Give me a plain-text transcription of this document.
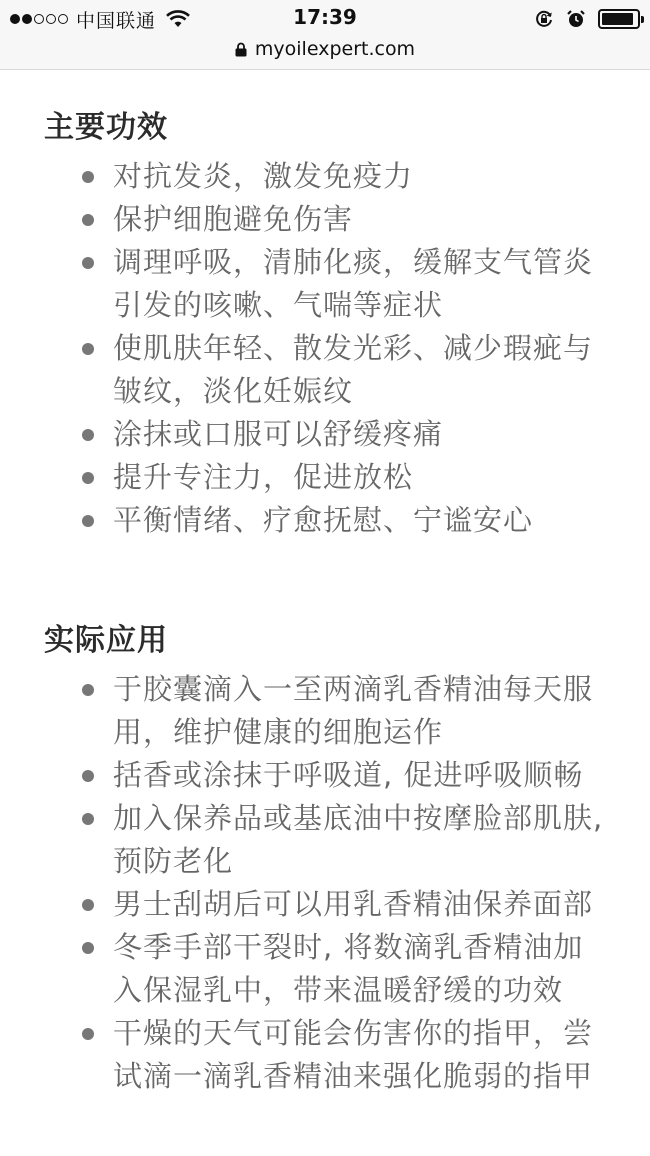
中国联通	17:39
myoilexpert.com
主要功效
对抗发炎，激发免疫力
保护细胞避免伤害
调理呼吸，清肺化痰，缓解支气管炎引发的咳嗽、气喘等症状
使肌肤年轻、散发光彩、减少瑕疵与皱纹，淡化妊娠纹
涂抹或口服可以舒缓疼痛
提升专注力，促进放松
平衡情绪、疗愈抚慰、宁谧安心
实际应用
于胶囊滴入一至两滴乳香精油每天服用，维护健康的细胞运作
括香或涂抹于呼吸道, 促进呼吸顺畅
加入保养品或基底油中按摩脸部肌肤, 预防老化
男士刮胡后可以用乳香精油保养面部
冬季手部干裂时, 将数滴乳香精油加入保湿乳中，带来温暖舒缓的功效
干燥的天气可能会伤害你的指甲，尝试滴一滴乳香精油来强化脆弱的指甲
